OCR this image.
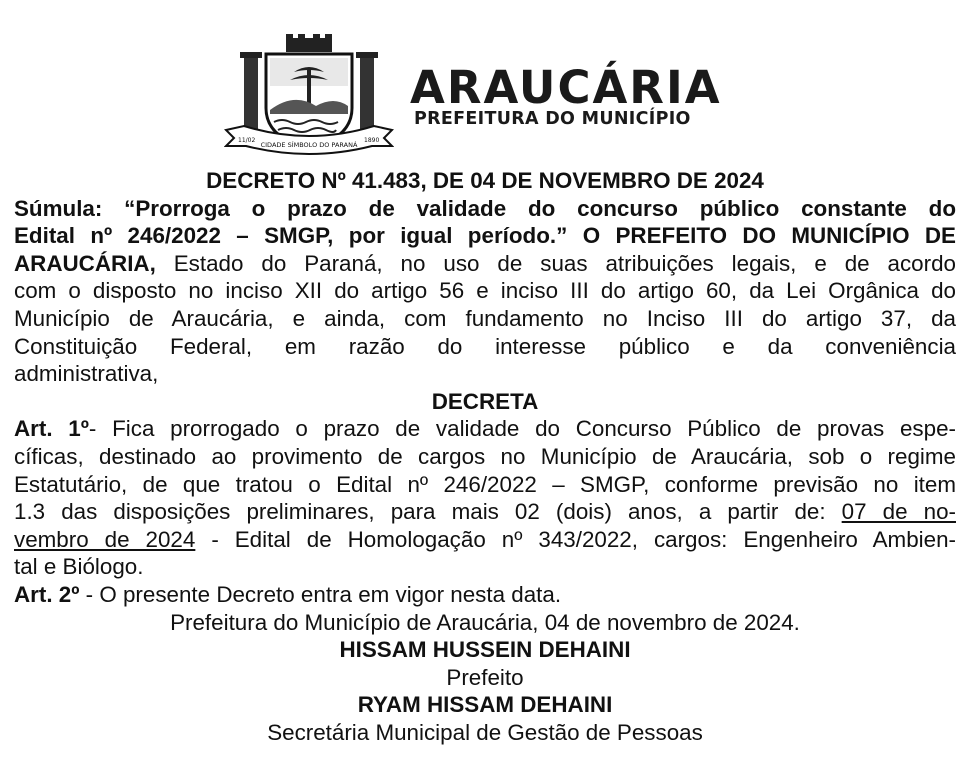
CIDADE SÍMBOLO DO PARANÁ
11/02	1890
ARAUCÁRIA
PREFEITURA DO MUNICÍPIO

DECRETO Nº 41.483, DE 04 DE NOVEMBRO DE 2024

Súmula: “Prorroga o prazo de validade do concurso público constante do

Edital nº 246/2022 – SMGP, por igual período.” O PREFEITO DO MUNICÍPIO DE

ARAUCÁRIA, Estado do Paraná, no uso de suas atribuições legais, e de acordo

com o disposto no inciso XII do artigo 56 e inciso III do artigo 60, da Lei Orgânica do

Município de Araucária, e ainda, com fundamento no Inciso III do artigo 37, da

Constituição Federal, em razão do interesse público e da conveniência

administrativa,

DECRETA

Art. 1º- Fica prorrogado o prazo de validade do Concurso Público de provas espe-

cíficas, destinado ao provimento de cargos no Município de Araucária, sob o regime

Estatutário, de que tratou o Edital nº 246/2022 – SMGP, conforme previsão no item

1.3 das disposições preliminares, para mais 02 (dois) anos, a partir de: 07 de no-

vembro de 2024 - Edital de Homologação nº 343/2022, cargos: Engenheiro Ambien-

tal e Biólogo.

Art. 2º - O presente Decreto entra em vigor nesta data.

Prefeitura do Município de Araucária, 04 de novembro de 2024.

HISSAM HUSSEIN DEHAINI

Prefeito

RYAM HISSAM DEHAINI

Secretária Municipal de Gestão de Pessoas
